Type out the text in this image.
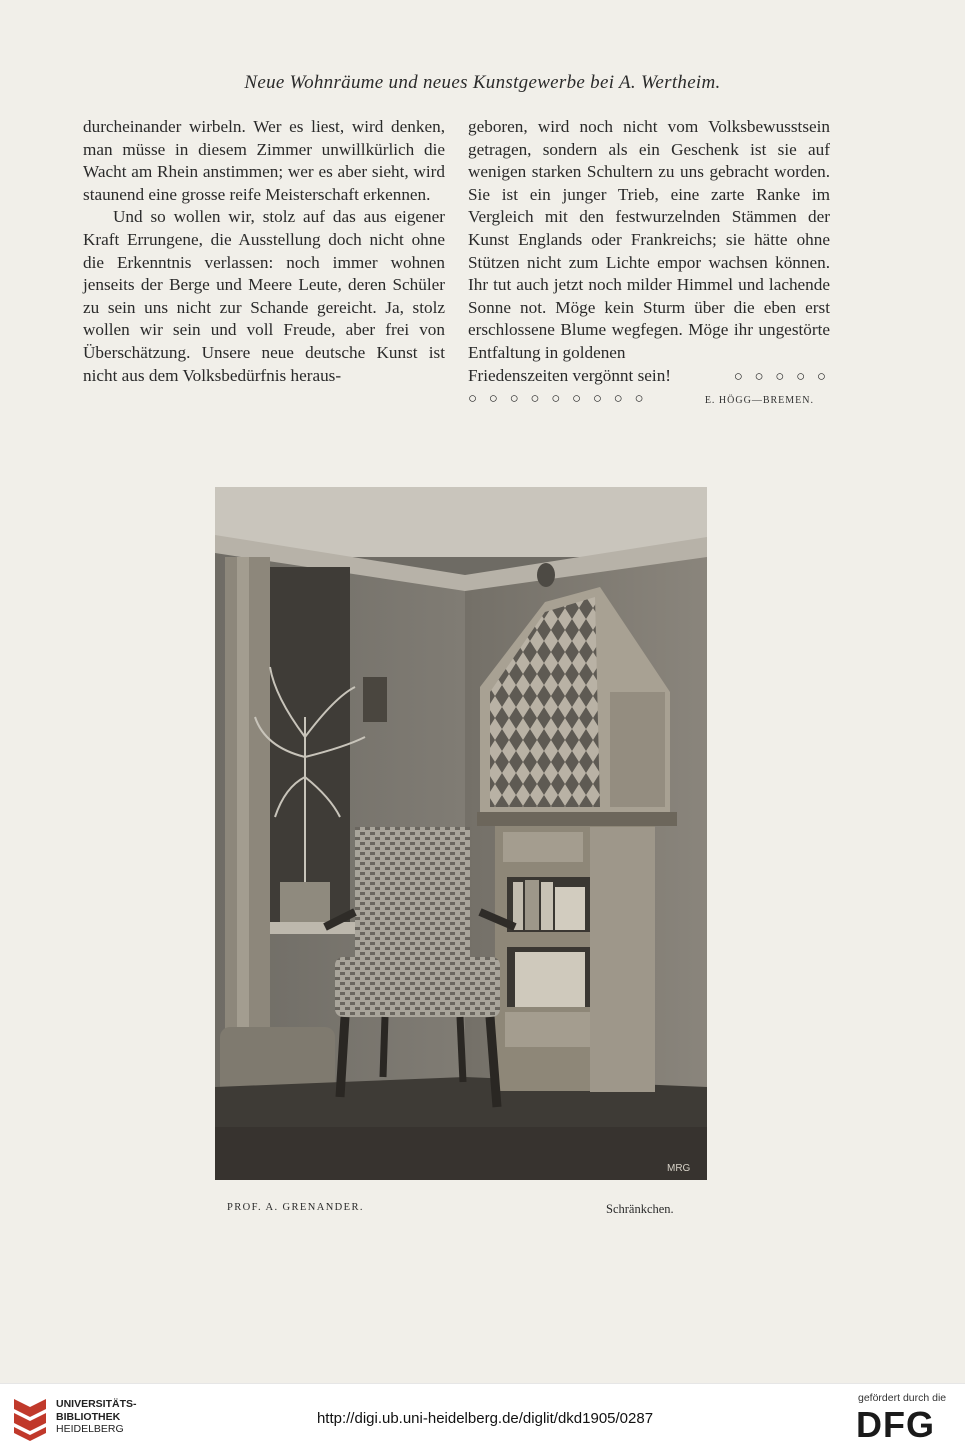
Neue Wohnräume und neues Kunstgewerbe bei A. Wertheim.

durcheinander wirbeln. Wer es liest, wird denken, man müsse in diesem Zimmer unwillkürlich die Wacht am Rhein anstimmen; wer es aber sieht, wird staunend eine grosse reife Meisterschaft erkennen.

Und so wollen wir, stolz auf das aus eigener Kraft Errungene, die Ausstellung doch nicht ohne die Erkenntnis verlassen: noch immer wohnen jenseits der Berge und Meere Leute, deren Schüler zu sein uns nicht zur Schande gereicht. Ja, stolz wollen wir sein und voll Freude, aber frei von Überschätzung. Unsere neue deutsche Kunst ist nicht aus dem Volksbedürfnis heraus-

geboren, wird noch nicht vom Volksbewusstsein getragen, sondern als ein Geschenk ist sie auf wenigen starken Schultern zu uns gebracht worden. Sie ist ein junger Trieb, eine zarte Ranke im Vergleich mit den festwurzelnden Stämmen der Kunst Englands oder Frankreichs; sie hätte ohne Stützen nicht zum Lichte empor wachsen können. Ihr tut auch jetzt noch milder Himmel und lachende Sonne not. Möge kein Sturm über die eben erst erschlossene Blume wegfegen. Möge ihr ungestörte Entfaltung in goldenen

Friedenszeiten vergönnt sein!	○ ○ ○ ○ ○
○ ○ ○ ○ ○ ○ ○ ○ ○	E. HÖGG—BREMEN.
MRG
PROF. A. GRENANDER.	Schränkchen.
UNIVERSITÄTS-
BIBLIOTHEK
HEIDELBERG
http://digi.ub.uni-heidelberg.de/diglit/dkd1905/0287
gefördert durch die
DFG
